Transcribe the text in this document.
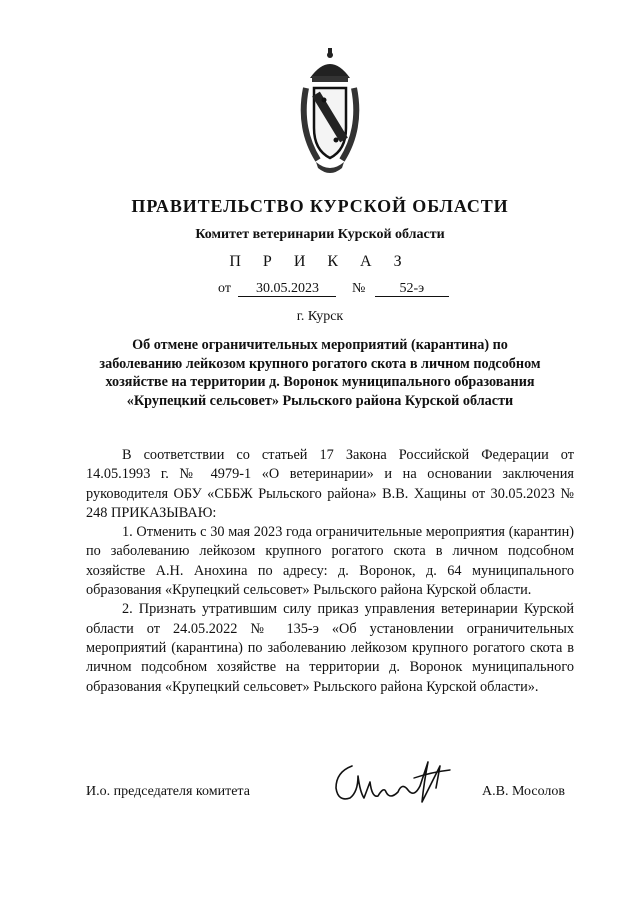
ПРАВИТЕЛЬСТВО КУРСКОЙ ОБЛАСТИ
Комитет ветеринарии Курской области
П Р И К А З
от 30.05.2023 № 52-э
г. Курск
Об отмене ограничительных мероприятий (карантина) по заболеванию лейкозом крупного рогатого скота в личном подсобном хозяйстве на территории д. Воронок муниципального образования «Крупецкий сельсовет» Рыльского района Курской области

В соответствии со статьей 17 Закона Российской Федерации от 14.05.1993 г. № 4979-1 «О ветеринарии» и на основании заключения руководителя ОБУ «СББЖ Рыльского района» В.В. Хащины от 30.05.2023 № 248 ПРИКАЗЫВАЮ:

1. Отменить с 30 мая 2023 года ограничительные мероприятия (карантин) по заболеванию лейкозом крупного рогатого скота в личном подсобном хозяйстве А.Н. Анохина по адресу: д. Воронок, д. 64 муниципального образования «Крупецкий сельсовет» Рыльского района Курской области.

2. Признать утратившим силу приказ управления ветеринарии Курской области от 24.05.2022 № 135-э «Об установлении ограничительных мероприятий (карантина) по заболеванию лейкозом крупного рогатого скота в личном подсобном хозяйстве на территории д. Воронок муниципального образования «Крупецкий сельсовет» Рыльского района Курской области».

И.о. председателя комитета	А.В. Мосолов
